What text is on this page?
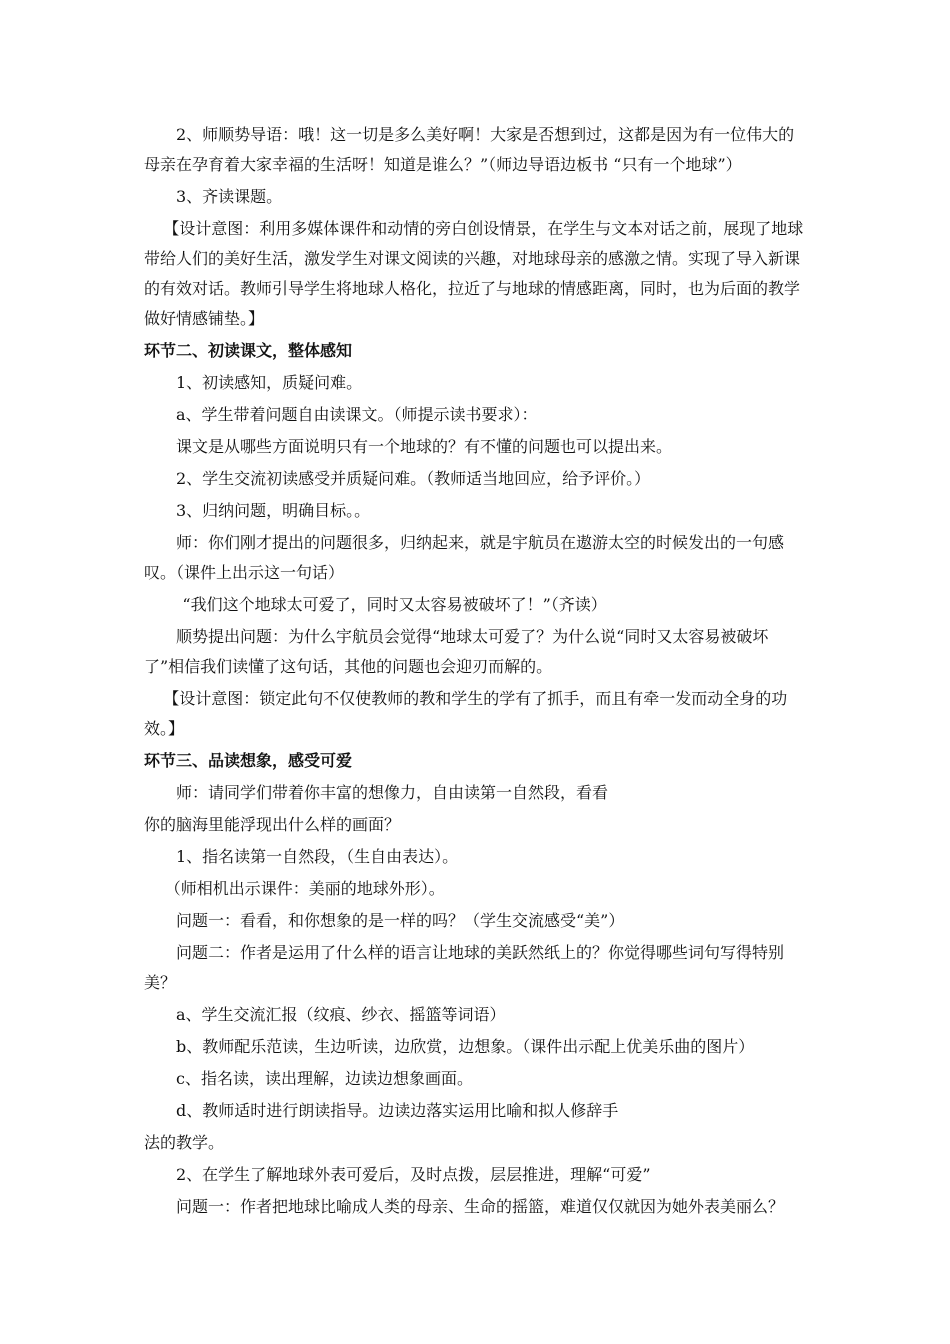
2、师顺势导语：哦！这一切是多么美好啊！大家是否想到过，这都是因为有一位伟大的母亲在孕育着大家幸福的生活呀！知道是谁么？”（师边导语边板书 “只有一个地球”）

3、齐读课题。

【设计意图：利用多媒体课件和动情的旁白创设情景，在学生与文本对话之前，展现了地球带给人们的美好生活，激发学生对课文阅读的兴趣，对地球母亲的感激之情。实现了导入新课的有效对话。教师引导学生将地球人格化，拉近了与地球的情感距离，同时，也为后面的教学做好情感铺垫。】

环节二、初读课文，整体感知

1、初读感知，质疑问难。

a、学生带着问题自由读课文。（师提示读书要求）：

课文是从哪些方面说明只有一个地球的？有不懂的问题也可以提出来。

2、学生交流初读感受并质疑问难。（教师适当地回应，给予评价。）

3、归纳问题，明确目标。。

师：你们刚才提出的问题很多，归纳起来，就是宇航员在遨游太空的时候发出的一句感叹。（课件上出示这一句话）

“我们这个地球太可爱了，同时又太容易被破坏了！”（齐读）

顺势提出问题：为什么宇航员会觉得“地球太可爱了？为什么说“同时又太容易被破坏了”相信我们读懂了这句话，其他的问题也会迎刃而解的。

【设计意图：锁定此句不仅使教师的教和学生的学有了抓手，而且有牵一发而动全身的功效。】

环节三、品读想象，感受可爱

师：请同学们带着你丰富的想像力，自由读第一自然段，看看

你的脑海里能浮现出什么样的画面？

1、指名读第一自然段，（生自由表达）。

（师相机出示课件：美丽的地球外形）。

问题一：看看，和你想象的是一样的吗？（学生交流感受“美”）

问题二：作者是运用了什么样的语言让地球的美跃然纸上的？你觉得哪些词句写得特别美？

a、学生交流汇报（纹痕、纱衣、摇篮等词语）

b、教师配乐范读，生边听读，边欣赏，边想象。（课件出示配上优美乐曲的图片）

c、指名读，读出理解，边读边想象画面。

d、教师适时进行朗读指导。边读边落实运用比喻和拟人修辞手

法的教学。

2、在学生了解地球外表可爱后，及时点拨，层层推进，理解“可爱”

问题一：作者把地球比喻成人类的母亲、生命的摇篮，难道仅仅就因为她外表美丽么？
